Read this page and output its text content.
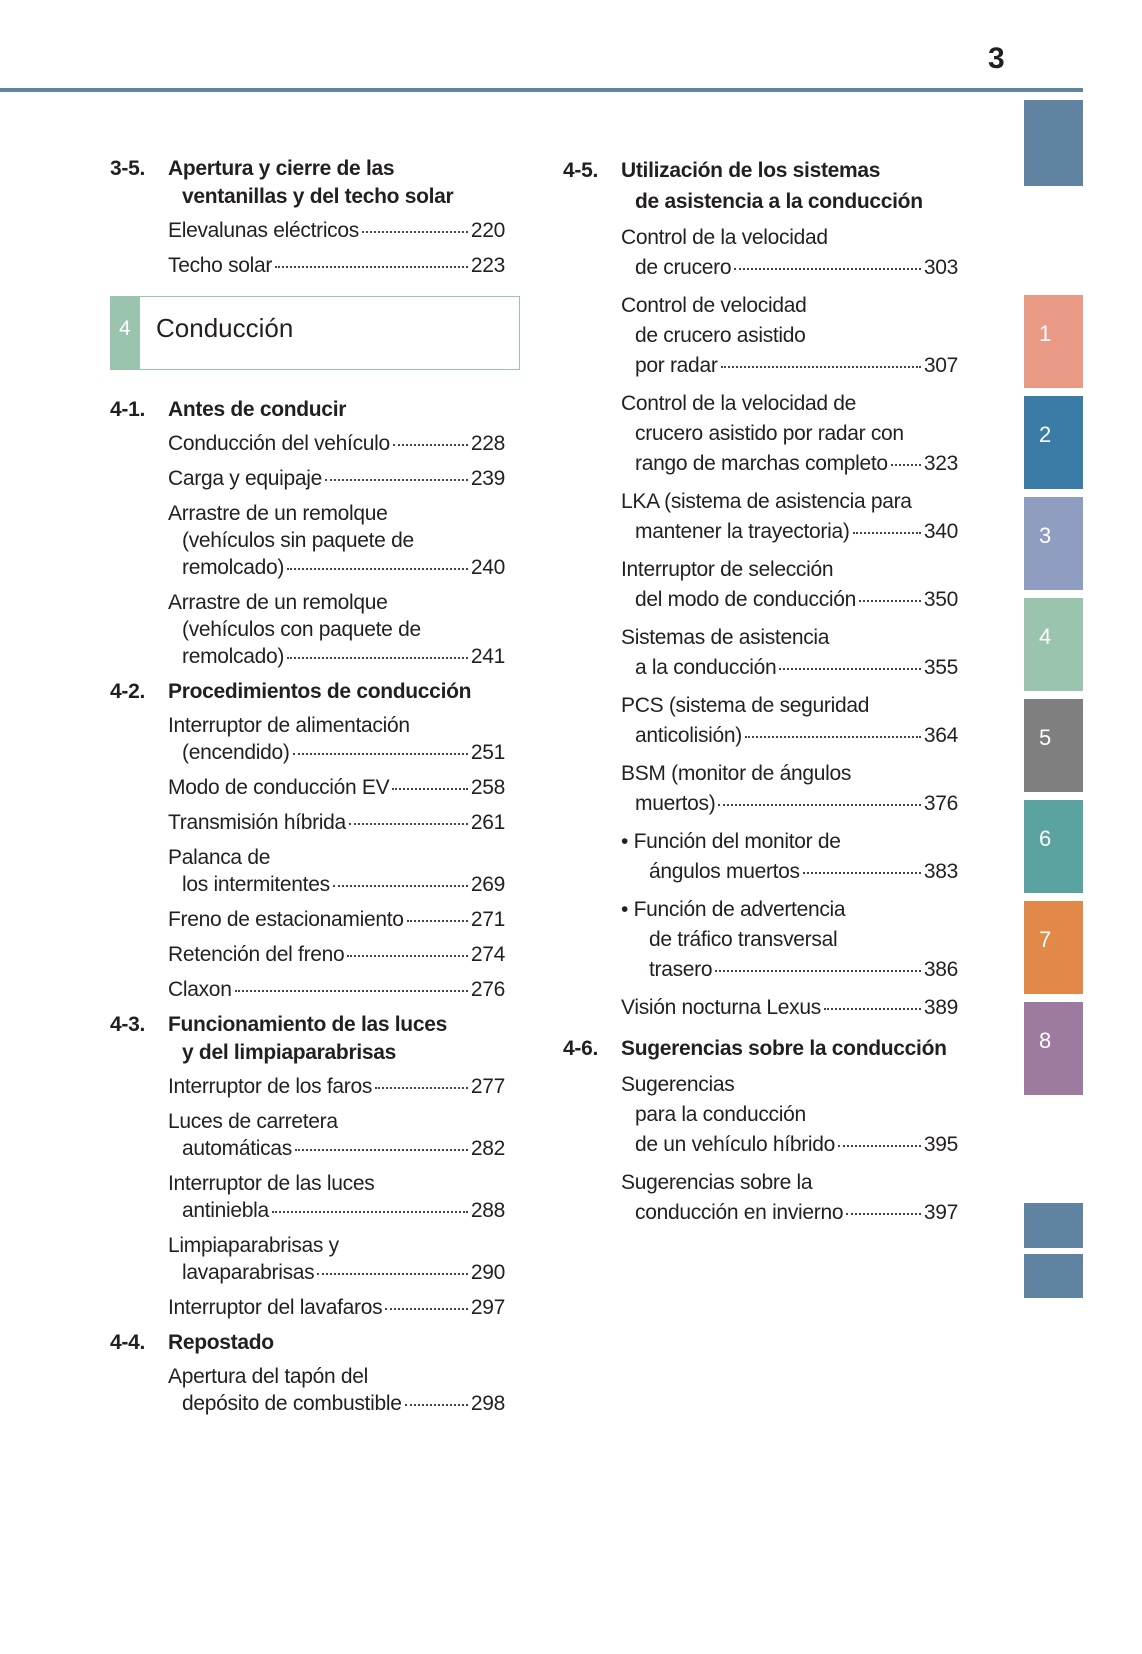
3
1
2
3
4
5
6
7
8
4 Conducción
3-5.	Apertura y cierre de las
ventanillas y del techo solar
Elevalunas eléctricos	220
Techo solar	223
4-1.	Antes de conducir
Conducción del vehículo	228
Carga y equipaje	239
Arrastre de un remolque
(vehículos sin paquete de
remolcado)	240
Arrastre de un remolque
(vehículos con paquete de
remolcado)	241
4-2.	Procedimientos de conducción
Interruptor de alimentación
(encendido)	251
Modo de conducción EV	258
Transmisión híbrida	261
Palanca de
los intermitentes	269
Freno de estacionamiento	271
Retención del freno	274
Claxon	276
4-3.	Funcionamiento de las luces
y del limpiaparabrisas
Interruptor de los faros	277
Luces de carretera
automáticas	282
Interruptor de las luces
antiniebla	288
Limpiaparabrisas y
lavaparabrisas	290
Interruptor del lavafaros	297
4-4.	Repostado
Apertura del tapón del
depósito de combustible	298
4-5.	Utilización de los sistemas
de asistencia a la conducción
Control de la velocidad
de crucero	303
Control de velocidad
de crucero asistido
por radar	307
Control de la velocidad de
crucero asistido por radar con
rango de marchas completo 323
LKA (sistema de asistencia para
mantener la trayectoria)	340
Interruptor de selección
del modo de conducción	350
Sistemas de asistencia
a la conducción	355
PCS (sistema de seguridad
anticolisión)	364
BSM (monitor de ángulos
muertos)	376
• Función del monitor de
ángulos muertos	383
• Función de advertencia
de tráfico transversal
trasero	386
Visión nocturna Lexus	389
4-6.	Sugerencias sobre la conducción
Sugerencias
para la conducción
de un vehículo híbrido	395
Sugerencias sobre la
conducción en invierno	397
